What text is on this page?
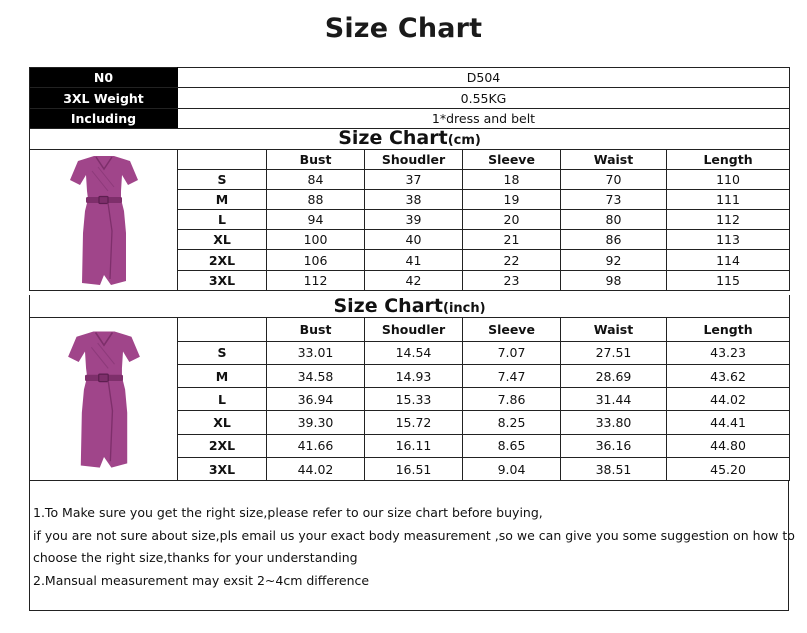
Size Chart
N0	D504
3XL Weight	0.55KG
Including	1*dress and belt
Size Chart(cm)						

		Bust	Shoudler	Sleeve	Waist	Length
	S	84	37	18	70	110
	M	88	38	19	73	111
	L	94	39	20	80	112
	XL	100	40	21	86	113
	2XL	106	41	22	92	114
	3XL	112	42	23	98	115
Size Chart(inch)						

		Bust	Shoudler	Sleeve	Waist	Length
	S	33.01	14.54	7.07	27.51	43.23
	M	34.58	14.93	7.47	28.69	43.62
	L	36.94	15.33	7.86	31.44	44.02
	XL	39.30	15.72	8.25	33.80	44.41
	2XL	41.66	16.11	8.65	36.16	44.80
	3XL	44.02	16.51	9.04	38.51	45.20
1.To Make sure you get the right size,please refer to our size chart before buying,
if you are not sure about size,pls email us your exact body measurement ,so we can give you some suggestion on how to
choose the right size,thanks for your understanding
2.Mansual measurement may exsit 2~4cm difference
